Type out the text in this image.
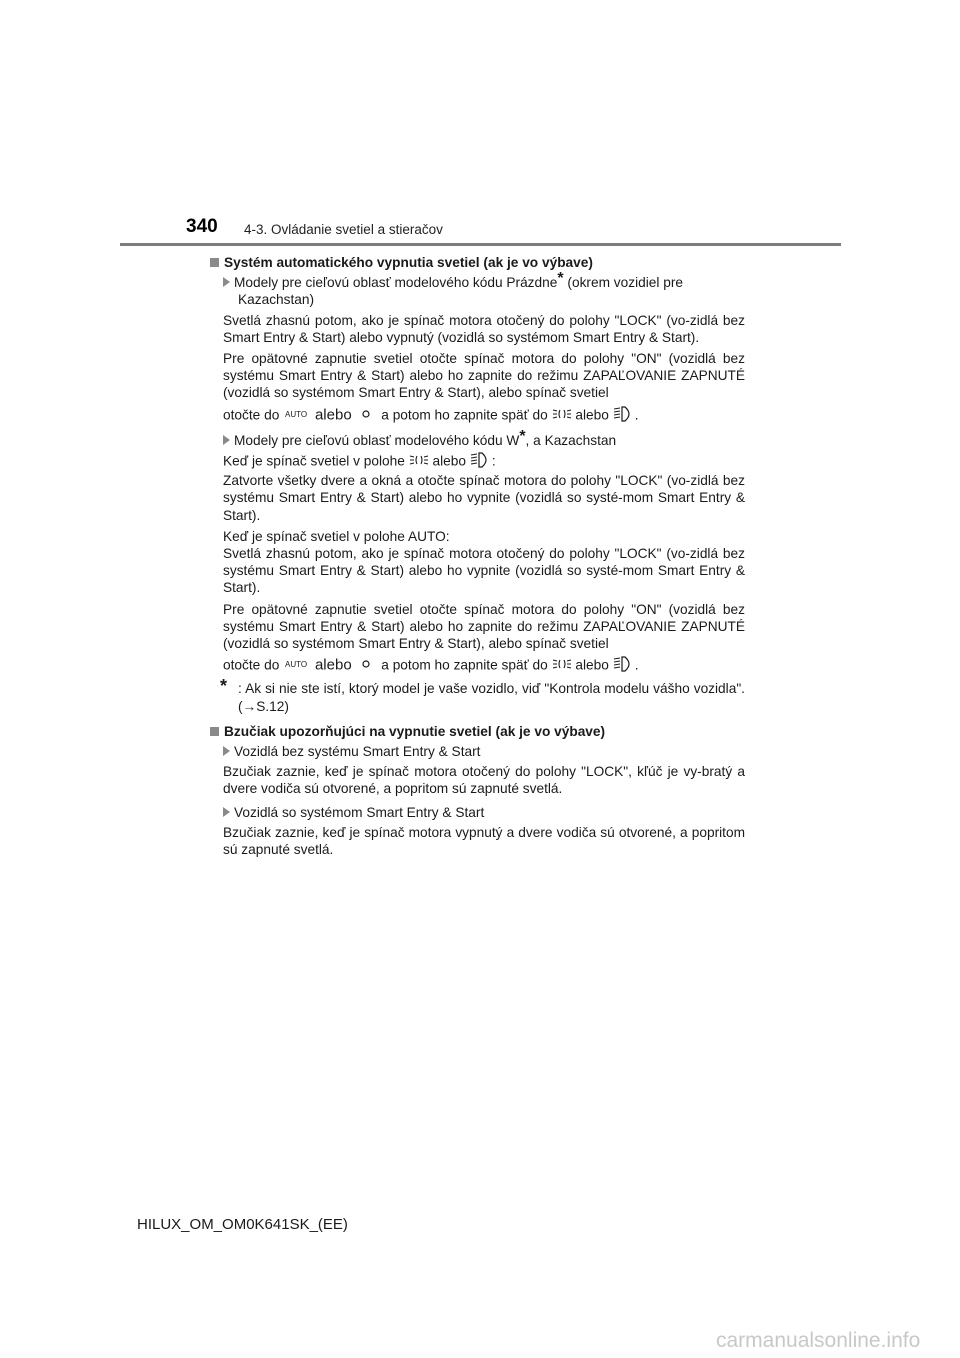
340 4-3. Ovládanie svetiel a stieračov
Systém automatického vypnutia svetiel (ak je vo výbave)
Modely pre cieľovú oblasť modelového kódu Prázdne* (okrem vozidiel pre
Kazachstan)
Svetlá zhasnú potom, ako je spínač motora otočený do polohy "LOCK" (vo-zidlá bez Smart Entry & Start) alebo vypnutý (vozidlá so systémom Smart Entry & Start).
Pre opätovné zapnutie svetiel otočte spínač motora do polohy "ON" (vozidlá bez systému Smart Entry & Start) alebo ho zapnite do režimu ZAPAĽOVANIE ZAPNUTÉ (vozidlá so systémom Smart Entry & Start), alebo spínač svetiel
otočte do AUTO alebo a potom ho zapnite späť do alebo .
Modely pre cieľovú oblasť modelového kódu W*, a Kazachstan
Keď je spínač svetiel v polohe alebo :
Zatvorte všetky dvere a okná a otočte spínač motora do polohy "LOCK" (vo-zidlá bez systému Smart Entry & Start) alebo ho vypnite (vozidlá so systé-mom Smart Entry & Start).
Keď je spínač svetiel v polohe AUTO:
Svetlá zhasnú potom, ako je spínač motora otočený do polohy "LOCK" (vo-zidlá bez systému Smart Entry & Start) alebo ho vypnite (vozidlá so systé-mom Smart Entry & Start).
Pre opätovné zapnutie svetiel otočte spínač motora do polohy "ON" (vozidlá bez systému Smart Entry & Start) alebo ho zapnite do režimu ZAPAĽOVANIE ZAPNUTÉ (vozidlá so systémom Smart Entry & Start), alebo spínač svetiel
otočte do AUTO alebo a potom ho zapnite späť do alebo .
* : Ak si nie ste istí, ktorý model je vaše vozidlo, viď "Kontrola modelu vášho vozidla". (→S.12)
Bzučiak upozorňujúci na vypnutie svetiel (ak je vo výbave)
Vozidlá bez systému Smart Entry & Start
Bzučiak zaznie, keď je spínač motora otočený do polohy "LOCK", kľúč je vy-bratý a dvere vodiča sú otvorené, a popritom sú zapnuté svetlá.
Vozidlá so systémom Smart Entry & Start
Bzučiak zaznie, keď je spínač motora vypnutý a dvere vodiča sú otvorené, a popritom sú zapnuté svetlá.
HILUX_OM_OM0K641SK_(EE)
carmanualsonline.info
